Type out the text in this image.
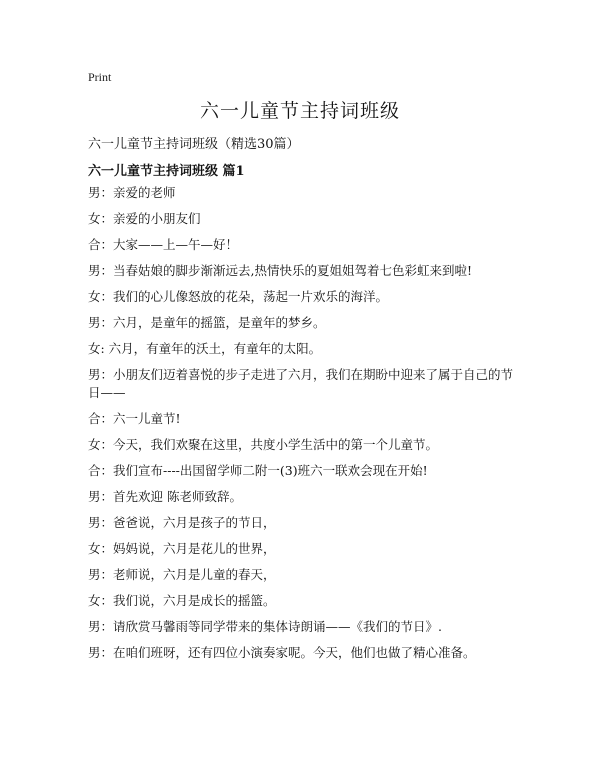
Print
六一儿童节主持词班级
六一儿童节主持词班级（精选30篇）
六一儿童节主持词班级 篇1
男：亲爱的老师
女：亲爱的小朋友们
合：大家——上—午—好！
男：当春姑娘的脚步渐渐远去,热情快乐的夏姐姐驾着七色彩虹来到啦!
女：我们的心儿像怒放的花朵，荡起一片欢乐的海洋。
男：六月，是童年的摇篮，是童年的梦乡。
女: 六月，有童年的沃土，有童年的太阳。
男：小朋友们迈着喜悦的步子走进了六月，我们在期盼中迎来了属于自己的节日——
合：六一儿童节!
女：今天，我们欢聚在这里，共度小学生活中的第一个儿童节。
合：我们宣布----出国留学师二附一(3)班六一联欢会现在开始!
男：首先欢迎 陈老师致辞。
男：爸爸说，六月是孩子的节日，
女：妈妈说，六月是花儿的世界，
男：老师说，六月是儿童的春天，
女：我们说，六月是成长的摇篮。
男：请欣赏马馨雨等同学带来的集体诗朗诵——《我们的节日》.
男：在咱们班呀，还有四位小演奏家呢。今天，他们也做了精心准备。
